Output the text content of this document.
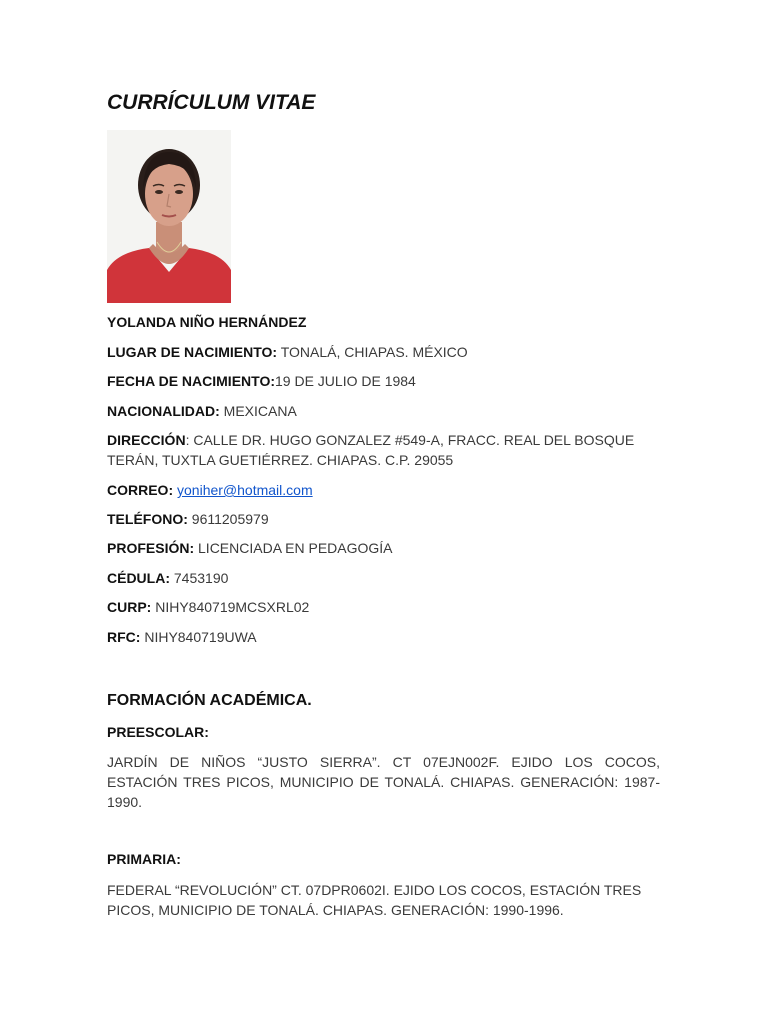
CURRÍCULUM VITAE

YOLANDA NIÑO HERNÁNDEZ

LUGAR DE NACIMIENTO: TONALÁ, CHIAPAS. MÉXICO

FECHA DE NACIMIENTO:19 DE JULIO DE 1984

NACIONALIDAD: MEXICANA

DIRECCIÓN: CALLE DR. HUGO GONZALEZ #549-A, FRACC. REAL DEL BOSQUE TERÁN, TUXTLA GUETIÉRREZ. CHIAPAS. C.P. 29055

CORREO: yoniher@hotmail.com

TELÉFONO: 9611205979

PROFESIÓN: LICENCIADA EN PEDAGOGÍA

CÉDULA: 7453190

CURP: NIHY840719MCSXRL02

RFC: NIHY840719UWA

FORMACIÓN ACADÉMICA.
PREESCOLAR:

JARDÍN DE NIÑOS “JUSTO SIERRA”. CT 07EJN002F. EJIDO LOS COCOS, ESTACIÓN TRES PICOS, MUNICIPIO DE TONALÁ. CHIAPAS. GENERACIÓN: 1987-1990.

PRIMARIA:

FEDERAL “REVOLUCIÓN” CT. 07DPR0602I. EJIDO LOS COCOS, ESTACIÓN TRES PICOS, MUNICIPIO DE TONALÁ. CHIAPAS. GENERACIÓN: 1990-1996.
